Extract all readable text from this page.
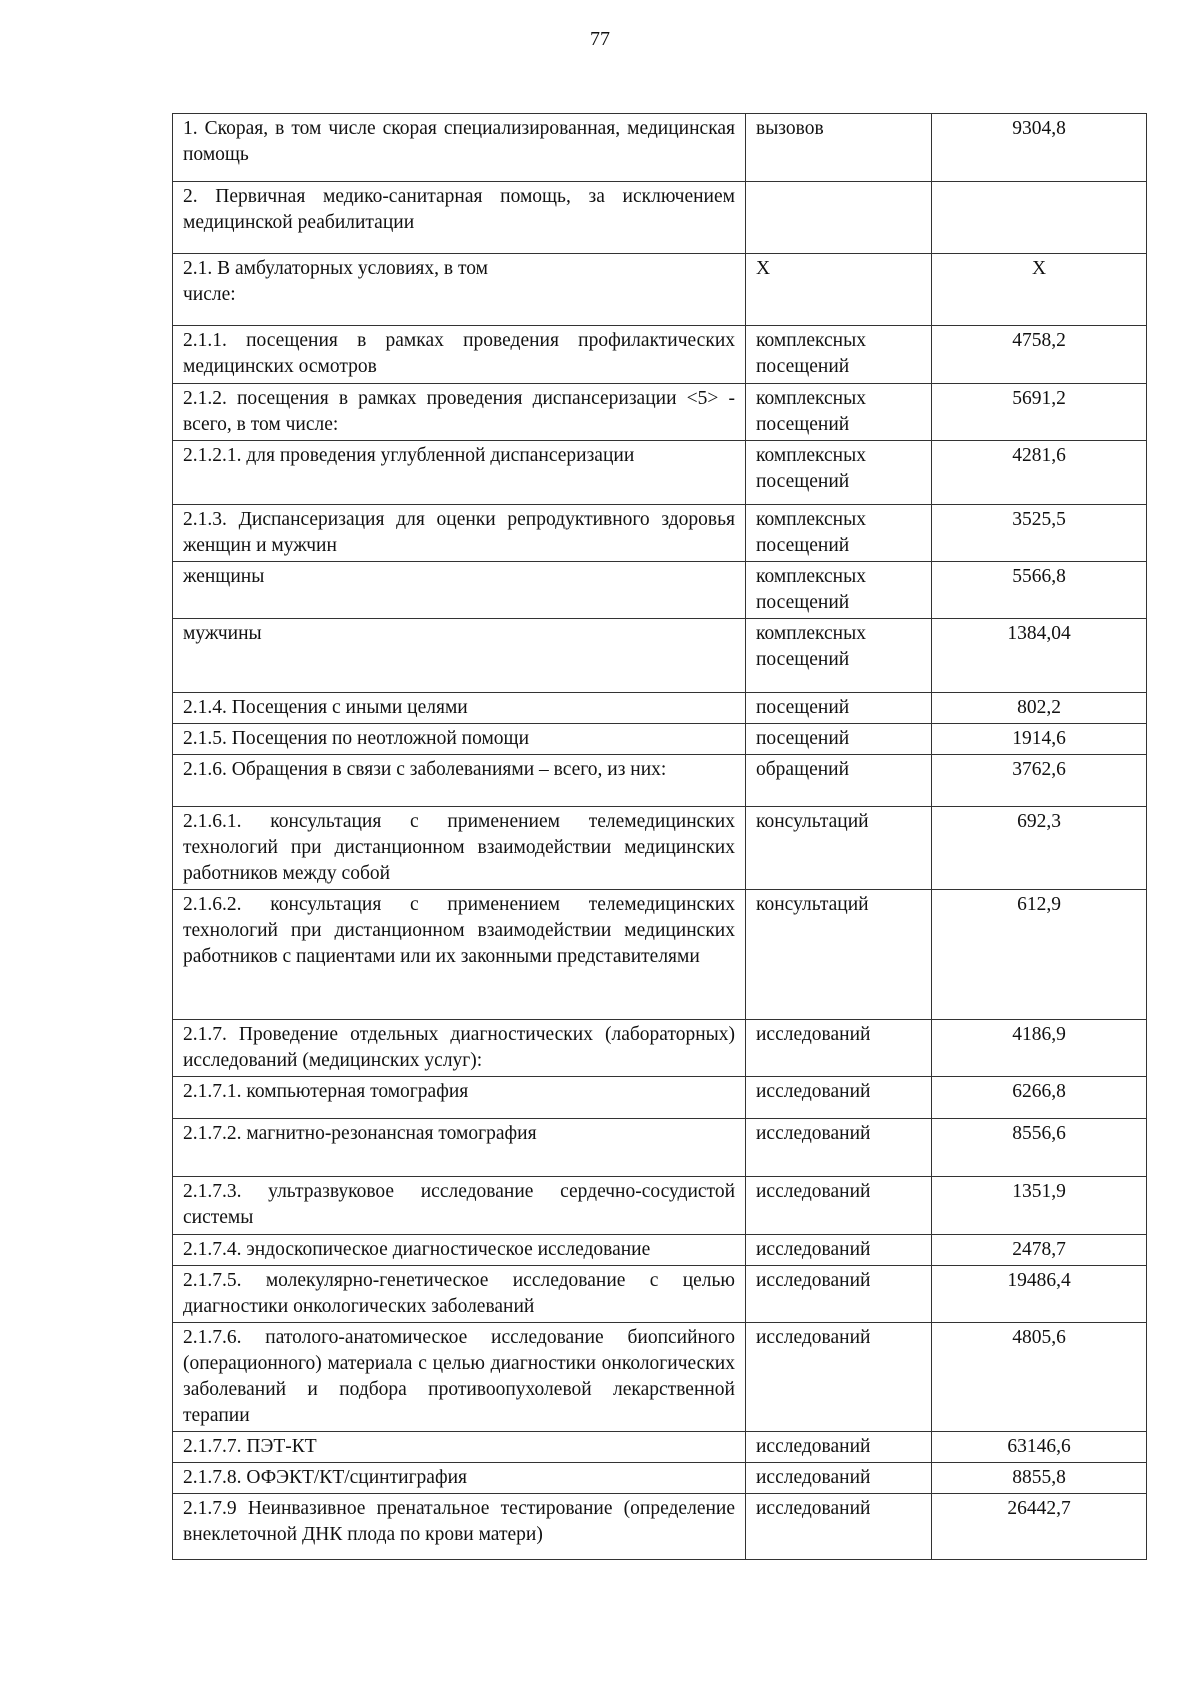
77
1. Скорая, в том числе скорая специализированная, медицинская помощь	вызовов	9304,8
2. Первичная медико-санитарная помощь, за исключением медицинской реабилитации	

2.1. В амбулаторных условиях, в том числе:	Х	Х
2.1.1. посещения в рамках проведения профилактических медицинских осмотров	комплексных посещений	4758,2
2.1.2. посещения в рамках проведения диспансеризации <5> - всего, в том числе:	комплексных посещений	5691,2
2.1.2.1. для проведения углубленной диспансеризации	комплексных посещений	4281,6
2.1.3. Диспансеризация для оценки репродуктивного здоровья женщин и мужчин	комплексных посещений	3525,5
женщины	комплексных посещений	5566,8
мужчины	комплексных посещений	1384,04
2.1.4. Посещения с иными целями	посещений	802,2
2.1.5. Посещения по неотложной помощи	посещений	1914,6
2.1.6. Обращения в связи с заболеваниями – всего, из них:	обращений	3762,6
2.1.6.1. консультация с применением телемедицинских технологий при дистанционном взаимодействии медицинских работников между собой	консультаций	692,3
2.1.6.2. консультация с применением телемедицинских технологий при дистанционном взаимодействии медицинских работников с пациентами или их законными представителями	консультаций	612,9
2.1.7. Проведение отдельных диагностических (лабораторных) исследований (медицинских услуг):	исследований	4186,9
2.1.7.1. компьютерная томография	исследований	6266,8
2.1.7.2. магнитно-резонансная томография	исследований	8556,6
2.1.7.3. ультразвуковое исследование сердечно-сосудистой системы	исследований	1351,9
2.1.7.4. эндоскопическое диагностическое исследование	исследований	2478,7
2.1.7.5. молекулярно-генетическое исследование с целью диагностики онкологических заболеваний	исследований	19486,4
2.1.7.6. патолого-анатомическое исследование биопсийного (операционного) материала с целью диагностики онкологических заболеваний и подбора противоопухолевой лекарственной терапии	исследований	4805,6
2.1.7.7. ПЭТ-КТ	исследований	63146,6
2.1.7.8. ОФЭКТ/КТ/сцинтиграфия	исследований	8855,8
2.1.7.9 Неинвазивное пренатальное тестирование (определение внеклеточной ДНК плода по крови матери)	исследований	26442,7
